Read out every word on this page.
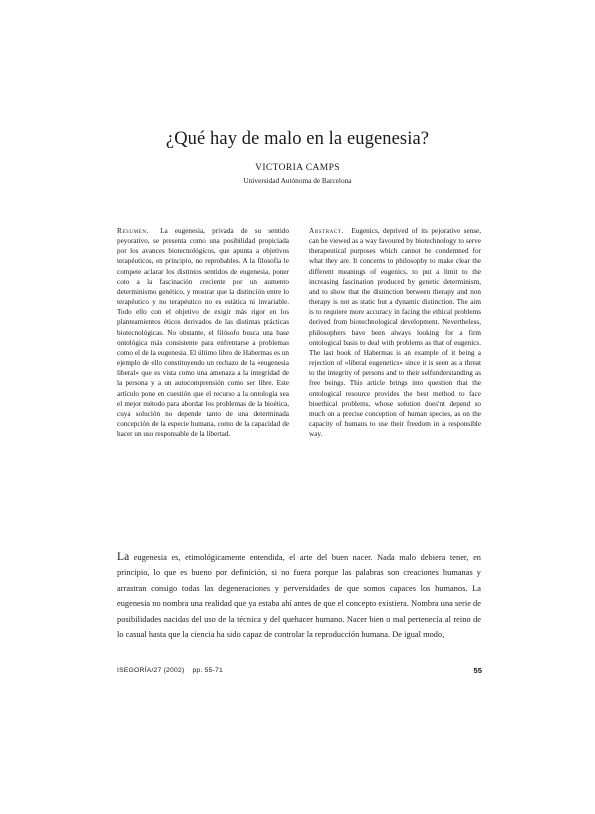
¿Qué hay de malo en la eugenesia?
VICTORIA CAMPS
Universidad Autónoma de Barcelona
Resumen. La eugenesia, privada de su sentido peyorativo, se presenta como una posibilidad propiciada por los avances biotecnológicos, que apunta a objetivos terapéuticos, en principio, no reprobables. A la filosofía le compete aclarar los distintos sentidos de eugenesia, poner coto a la fascinación creciente por un aumento determinismo genético, y mostrar que la distinción entre lo terapéutico y no terapéutico no es estática ni invariable. Todo ello con el objetivo de exigir más rigor en los planteamientos éticos derivados de las distintas prácticas biotecnológicas. No obstante, el filósofo busca una base ontológica más consistente para enfrentarse a problemas como el de la eugenesia. El último libro de Habermas es un ejemplo de ello constituyendo un rechazo de la «eugenesia liberal» que es vista como una amenaza a la integridad de la persona y a un autocomprensión como ser libre. Este artículo pone en cuestión que el recurso a la ontología sea el mejor método para abordar los problemas de la bioética, cuya solución no depende tanto de una determinada concepción de la especie humana, como de la capacidad de hacer un uso responsable de la libertad.
Abstract. Eugenics, deprived of its pejorative sense, can be viewed as a way favoured by biotechnology to serve therapeutical purposes which cannot be condemned for what they are. It concerns to philosophy to make clear the different meanings of eugenics, to put a limit to the increasing fascination produced by genetic determinism, and to show that the distinction between therapy and non therapy is not as static but a dynamic distinction. The aim is to requiere more accuracy in facing the ethical problems derived from biotechnological development. Nevertheless, philosophers have been always looking for a firm ontological basis to deal with problems as that of eugenics. The last book of Habermas is an example of it being a rejection of «liberal eugenetics» since it is seen as a threat to the integrity of persons and to their selfunderstanding as free beings. This article brings into question that the ontological resource provides the best method to face bioethical problems, whose solution does'nt depend so much on a precise conception of human species, as on the capacity of humans to use their freedom in a responsible way.
La eugenesia es, etimológicamente entendida, el arte del buen nacer. Nada malo debiera tener, en principio, lo que es bueno por definición, si no fuera porque las palabras son creaciones humanas y arrastran consigo todas las degeneraciones y perversidades de que somos capaces los humanos. La eugenesia no nombra una realidad que ya estaba ahí antes de que el concepto existiera. Nombra una serie de posibilidades nacidas del uso de la técnica y del quehacer humano. Nacer bien o mal pertenecía al reino de lo casual hasta que la ciencia ha sido capaz de controlar la reproducción humana. De igual modo,
ISEGORÍA/27 (2002) pp. 55-71	55
